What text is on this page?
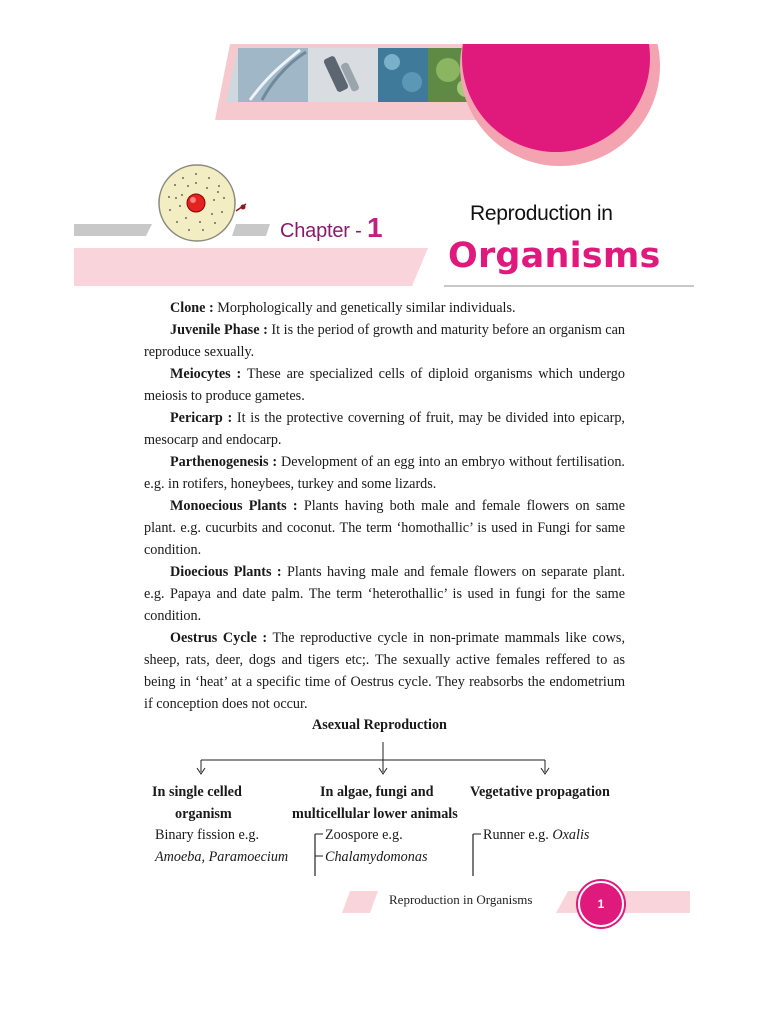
Chapter - 1	Reproduction in
Organisms

Clone : Morphologically and genetically similar individuals.

Juvenile Phase : It is the period of growth and maturity before an organism can reproduce sexually.

Meiocytes : These are specialized cells of diploid organisms which undergo meiosis to produce gametes.

Pericarp : It is the protective coverning of fruit, may be divided into epicarp, mesocarp and endocarp.

Parthenogenesis : Development of an egg into an embryo without fertilisation. e.g. in rotifers, honeybees, turkey and some lizards.

Monoecious Plants : Plants having both male and female flowers on same plant. e.g. cucurbits and coconut. The term ‘homothallic’ is used in Fungi for same condition.

Dioecious Plants : Plants having male and female flowers on separate plant. e.g. Papaya and date palm. The term ‘heterothallic’ is used in fungi for the same condition.

Oestrus Cycle : The reproductive cycle in non-primate mammals like cows, sheep, rats, deer, dogs and tigers etc;. The sexually active females reffered to as being in ‘heat’ at a specific time of Oestrus cycle. They reabsorbs the endometrium if conception does not occur.

Asexual Reproduction
In single celled
organism
Binary fission e.g.
Amoeba, Paramoecium
In algae, fungi and
multicellular lower animals
Zoospore e.g.
Chalamydomonas
Vegetative propagation
Runner e.g. Oxalis
Reproduction in Organisms	1
